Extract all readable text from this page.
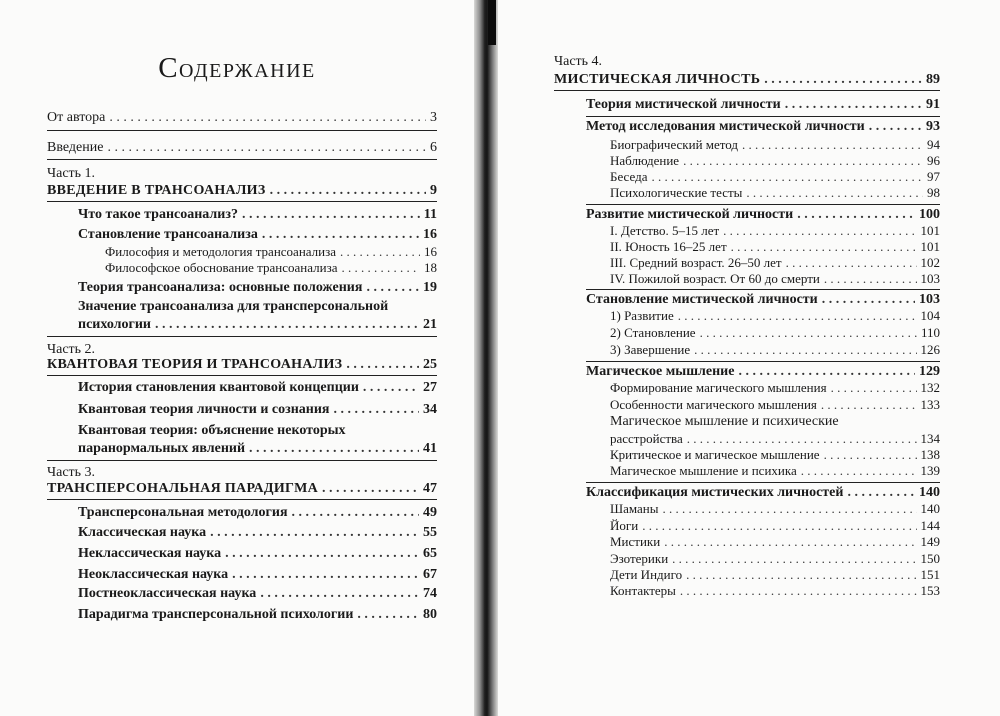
Содержание
От автора . . .	3
Введение . . .	6
Часть 1.
ВВЕДЕНИЕ В ТРАНСОАНАЛИЗ . . .	9
Что такое трансоанализ? . . .	11
Становление трансоанализа . . .	16
Философия и методология трансоанализа . . .	16
Философское обоснование трансоанализа . . .	18
Теория трансоанализа: основные положения . . .	19
Значение трансоанализа для трансперсональной
психологии . . .	21
Часть 2.
КВАНТОВАЯ ТЕОРИЯ И ТРАНСОАНАЛИЗ . . .	25
История становления квантовой концепции . . .	27
Квантовая теория личности и сознания . . .	34
Квантовая теория: объяснение некоторых
паранормальных явлений . . .	41
Часть 3.
ТРАНСПЕРСОНАЛЬНАЯ ПАРАДИГМА . . .	47
Трансперсональная методология . . .	49
Классическая наука . . .	55
Неклассическая наука . . .	65
Неоклассическая наука . . .	67
Постнеоклассическая наука . . .	74
Парадигма трансперсональной психологии . . .	80
Часть 4.
МИСТИЧЕСКАЯ ЛИЧНОСТЬ . . .	89
Теория мистической личности . . .	91
Метод исследования мистической личности . . .	93
Биографический метод . . .	94
Наблюдение . . .	96
Беседа . . .	97
Психологические тесты . . .	98
Развитие мистической личности . . .	100
I. Детство. 5–15 лет . . .	101
II. Юность 16–25 лет . . .	101
III. Средний возраст. 26–50 лет . . .	102
IV. Пожилой возраст. От 60 до смерти . . .	103
Становление мистической личности . . .	103
1) Развитие . . .	104
2) Становление . . .	110
3) Завершение . . .	126
Магическое мышление . . .	129
Формирование магического мышления . . .	132
Особенности магического мышления . . .	133
Магическое мышление и психические
расстройства . . .	134
Критическое и магическое мышление . . .	138
Магическое мышление и психика . . .	139
Классификация мистических личностей . . .	140
Шаманы . . .	140
Йоги . . .	144
Мистики . . .	149
Эзотерики . . .	150
Дети Индиго . . .	151
Контактеры . . .	153
